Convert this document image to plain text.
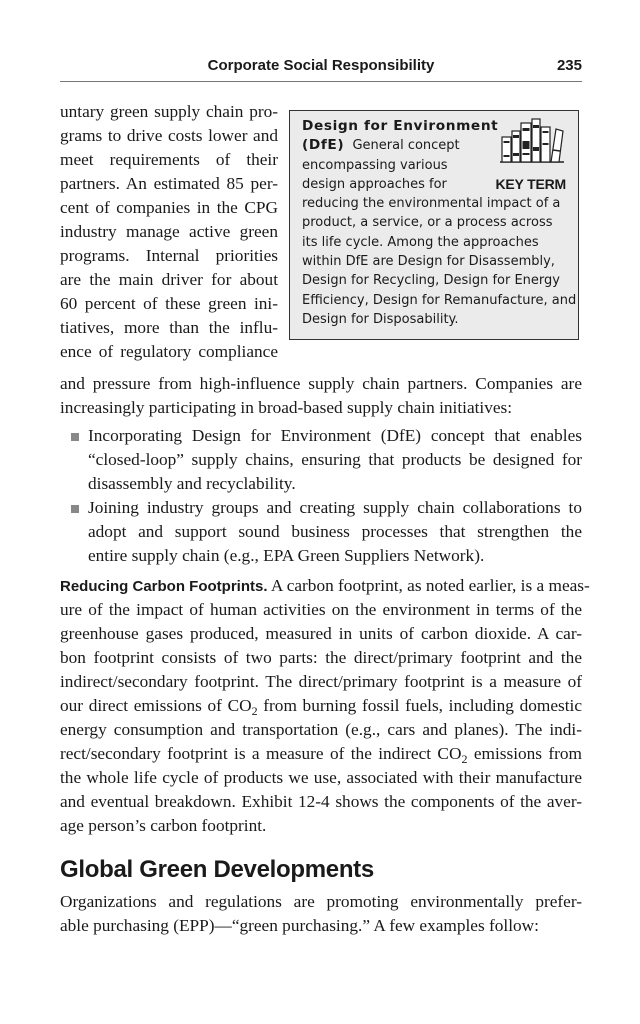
Corporate Social Responsibility	235
untary green supply chain pro-
grams to drive costs lower and
meet requirements of their
partners. An estimated 85 per-
cent of companies in the CPG
industry manage active green
programs. Internal priorities
are the main driver for about
60 percent of these green ini-
tiatives, more than the influ-
ence of regulatory compliance
Design for Environment
(DfE) General concept
encompassing various
design approaches for
reducing the environmental impact of a
product, a service, or a process across
its life cycle. Among the approaches
within DfE are Design for Disassembly,
Design for Recycling, Design for Energy
Efficiency, Design for Remanufacture, and
Design for Disposability.
KEY TERM
and pressure from high-influence supply chain partners. Companies are
increasingly participating in broad-based supply chain initiatives:
Incorporating Design for Environment (DfE) concept that enables
“closed-loop” supply chains, ensuring that products be designed for
disassembly and recyclability.
Joining industry groups and creating supply chain collaborations to
adopt and support sound business processes that strengthen the
entire supply chain (e.g., EPA Green Suppliers Network).
Reducing Carbon Footprints. A carbon footprint, as noted earlier, is a meas-
ure of the impact of human activities on the environment in terms of the
greenhouse gases produced, measured in units of carbon dioxide. A car-
bon footprint consists of two parts: the direct/primary footprint and the
indirect/secondary footprint. The direct/primary footprint is a measure of
our direct emissions of $CO_2$ from burning fossil fuels, including domestic
energy consumption and transportation (e.g., cars and planes). The indi-
rect/secondary footprint is a measure of the indirect $CO_2$ emissions from
the whole life cycle of products we use, associated with their manufacture
and eventual breakdown. Exhibit 12-4 shows the components of the aver-
age person’s carbon footprint.
Global Green Developments
Organizations and regulations are promoting environmentally prefer-
able purchasing (EPP)—“green purchasing.” A few examples follow:
